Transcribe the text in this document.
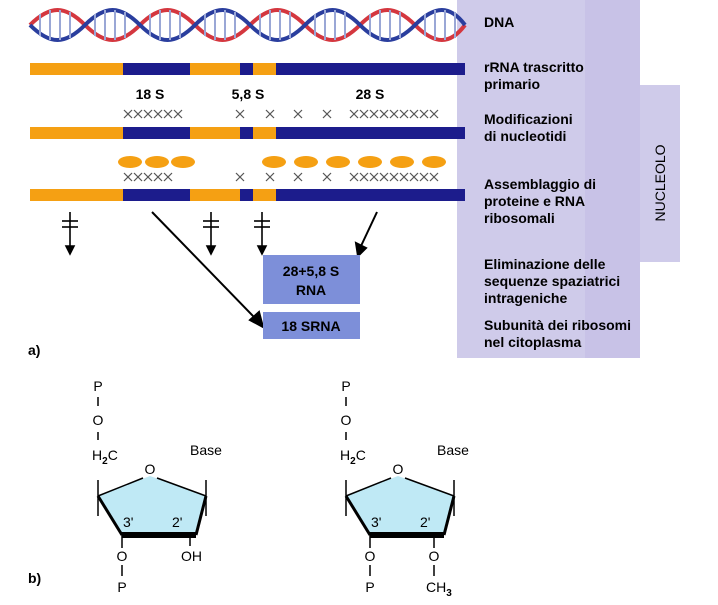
NUCLEOLO
18 S	5,8 S	28 S
28+5,8 S
RNA
18 SRNA
DNA
rRNA trascritto
primario
Modificazioni
di nucleotidi
Assemblaggio di
proteine e RNA
ribosomali
Eliminazione delle
sequenze spaziatrici
intrageniche
Subunità dei ribosomi
nel citoplasma
a)
b)
P
O
$H_2C$
O
Base
3'	2'
O
P
OH
P
O
$H_2C$
O
Base
3'	2'
O
P
O
$CH_3$
